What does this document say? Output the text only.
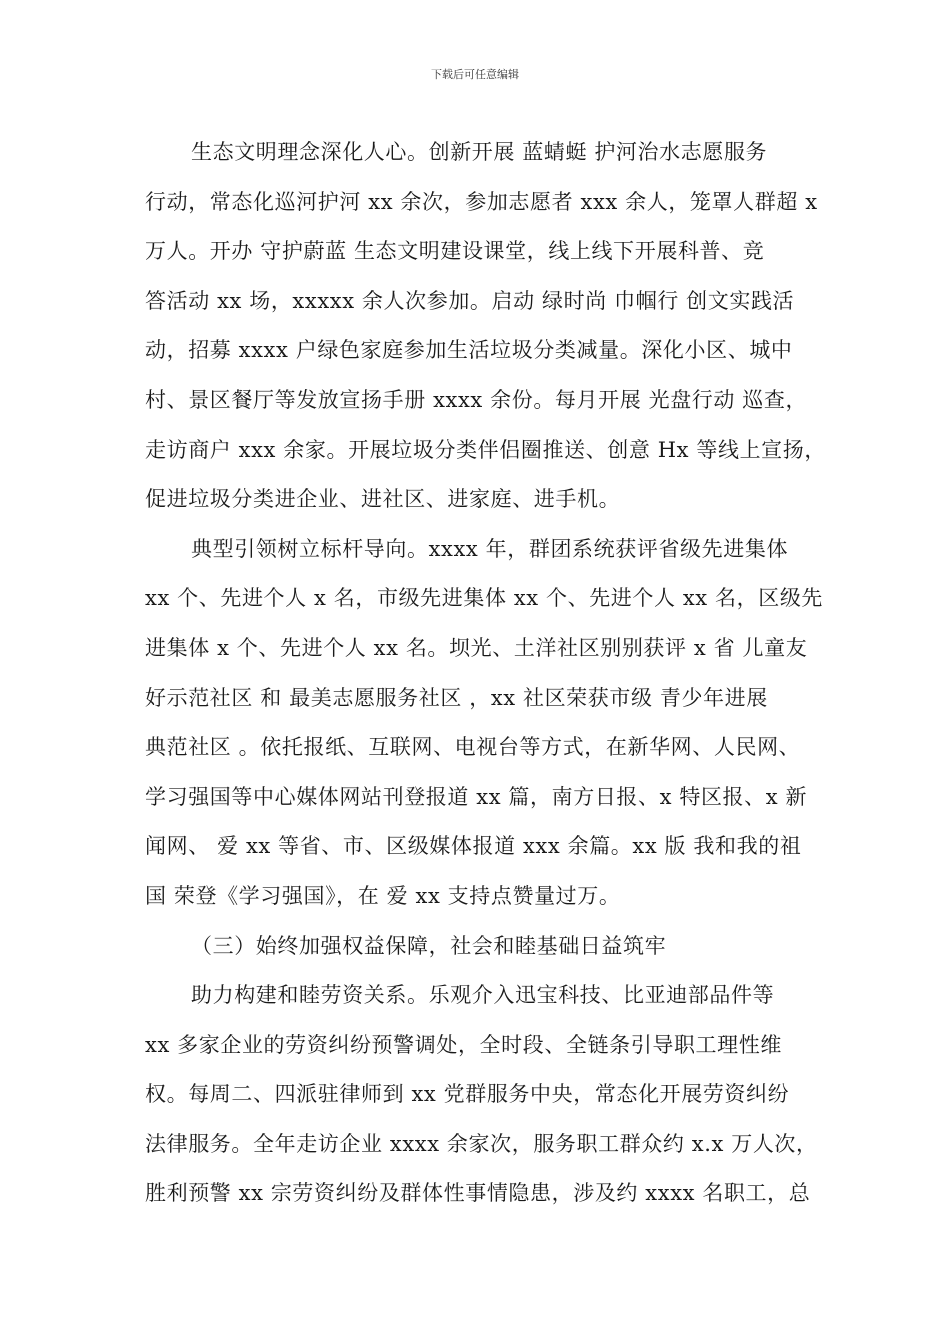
下载后可任意编辑
生态文明理念深化人心。创新开展 蓝蜻蜓 护河治水志愿服务
行动，常态化巡河护河 xx 余次，参加志愿者 xxx 余人，笼罩人群超 x
万人。开办 守护蔚蓝 生态文明建设课堂，线上线下开展科普、竞
答活动 xx 场，xxxxx 余人次参加。启动 绿时尚 巾帼行 创文实践活
动，招募 xxxx 户绿色家庭参加生活垃圾分类减量。深化小区、城中
村、景区餐厅等发放宣扬手册 xxxx 余份。每月开展 光盘行动 巡查，
走访商户 xxx 余家。开展垃圾分类伴侣圈推送、创意 Hx 等线上宣扬，
促进垃圾分类进企业、进社区、进家庭、进手机。
典型引领树立标杆导向。xxxx 年，群团系统获评省级先进集体
xx 个、先进个人 x 名，市级先进集体 xx 个、先进个人 xx 名，区级先
进集体 x 个、先进个人 xx 名。坝光、土洋社区别别获评 x 省 儿童友
好示范社区 和 最美志愿服务社区 ，xx 社区荣获市级 青少年进展
典范社区 。依托报纸、互联网、电视台等方式，在新华网、人民网、
学习强国等中心媒体网站刊登报道 xx 篇，南方日报、x 特区报、x 新
闻网、 爱 xx 等省、市、区级媒体报道 xxx 余篇。xx 版 我和我的祖
国 荣登《学习强国》，在 爱 xx 支持点赞量过万。
（三）始终加强权益保障，社会和睦基础日益筑牢
助力构建和睦劳资关系。乐观介入迅宝科技、比亚迪部品件等
xx 多家企业的劳资纠纷预警调处，全时段、全链条引导职工理性维
权。每周二、四派驻律师到 xx 党群服务中央，常态化开展劳资纠纷
法律服务。全年走访企业 xxxx 余家次，服务职工群众约 x.x 万人次，
胜利预警 xx 宗劳资纠纷及群体性事情隐患，涉及约 xxxx 名职工，总
